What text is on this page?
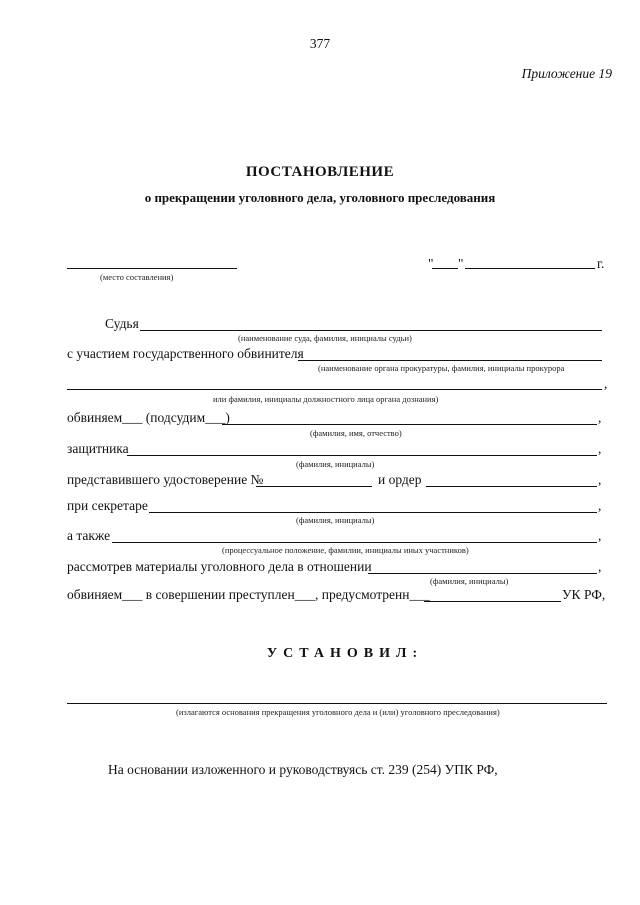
377
Приложение 19
ПОСТАНОВЛЕНИЕ
о прекращении уголовного дела, уголовного преследования
(место составления)
" "	г.
Судья
(наименование суда, фамилия, инициалы судьи)
с участием государственного обвинителя
(наименование органа прокуратуры, фамилия, инициалы прокурора
,
или фамилия, инициалы должностного лица органа дознания)
обвиняем___ (подсудим___)	,
(фамилия, имя, отчество)
защитника	,
(фамилия, инициалы)
представившего удостоверение №	и ордер	,
при секретаре	,
(фамилия, инициалы)
а также	,
(процессуальное положение, фамилии, инициалы иных участников)
рассмотрев материалы уголовного дела в отношении	,
(фамилия, инициалы)
обвиняем___ в совершении преступлен___, предусмотренн___	УК РФ,
УСТАНОВИЛ:
(излагаются основания прекращения уголовного дела и (или) уголовного преследования)
На основании изложенного и руководствуясь ст. 239 (254) УПК РФ,
